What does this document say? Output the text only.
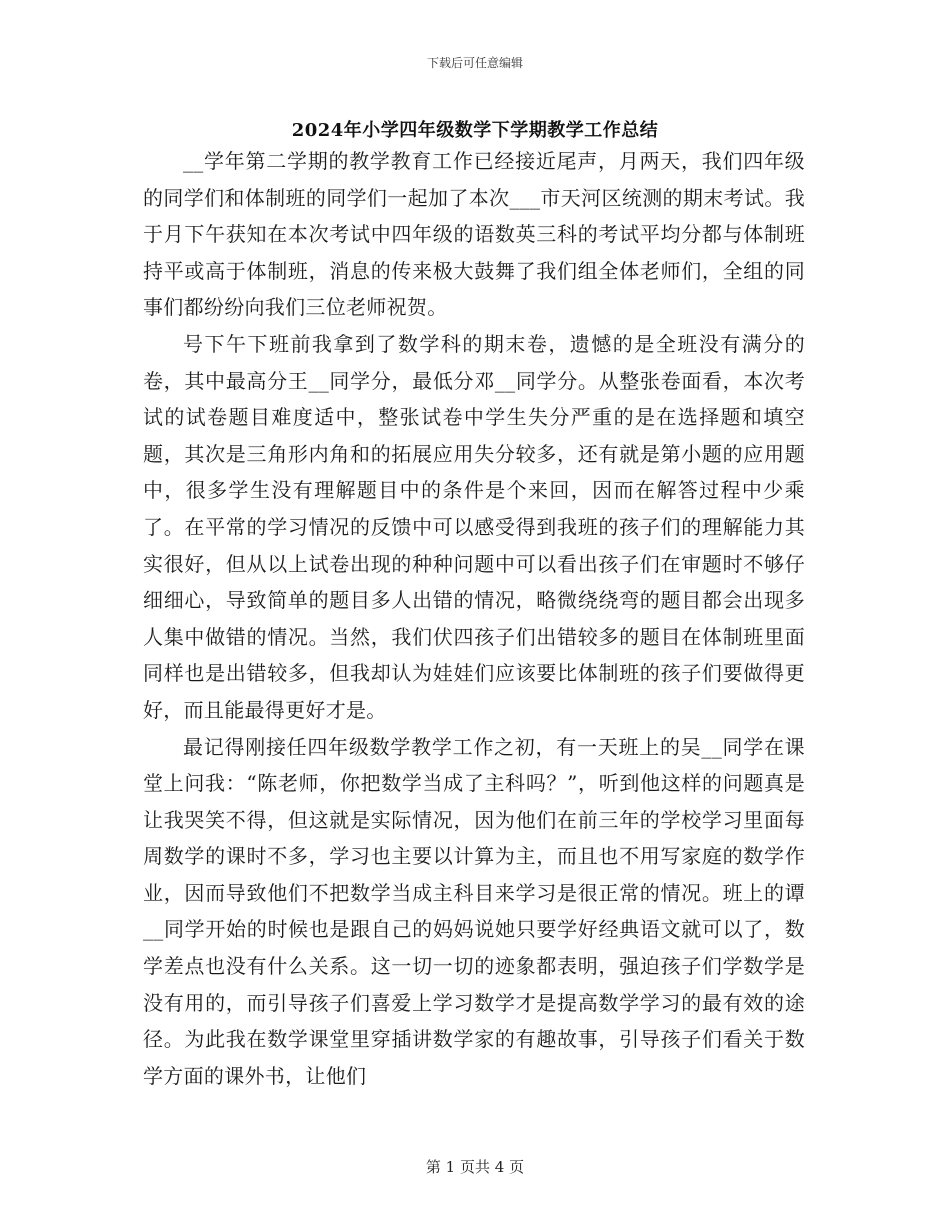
下载后可任意编辑
2024年小学四年级数学下学期教学工作总结

__学年第二学期的教学教育工作已经接近尾声，月两天，我们四年级的同学们和体制班的同学们一起加了本次___市天河区统测的期末考试。我于月下午获知在本次考试中四年级的语数英三科的考试平均分都与体制班持平或高于体制班，消息的传来极大鼓舞了我们组全体老师们，全组的同事们都纷纷向我们三位老师祝贺。

号下午下班前我拿到了数学科的期末卷，遗憾的是全班没有满分的卷，其中最高分王__同学分，最低分邓__同学分。从整张卷面看，本次考试的试卷题目难度适中，整张试卷中学生失分严重的是在选择题和填空题，其次是三角形内角和的拓展应用失分较多，还有就是第小题的应用题中，很多学生没有理解题目中的条件是个来回，因而在解答过程中少乘了。在平常的学习情况的反馈中可以感受得到我班的孩子们的理解能力其实很好，但从以上试卷出现的种种问题中可以看出孩子们在审题时不够仔细细心，导致简单的题目多人出错的情况，略微绕绕弯的题目都会出现多人集中做错的情况。当然，我们伏四孩子们出错较多的题目在体制班里面同样也是出错较多，但我却认为娃娃们应该要比体制班的孩子们要做得更好，而且能最得更好才是。

最记得刚接任四年级数学教学工作之初，有一天班上的吴__同学在课堂上问我：“陈老师，你把数学当成了主科吗？”，听到他这样的问题真是让我哭笑不得，但这就是实际情况，因为他们在前三年的学校学习里面每周数学的课时不多，学习也主要以计算为主，而且也不用写家庭的数学作业，因而导致他们不把数学当成主科目来学习是很正常的情况。班上的谭__同学开始的时候也是跟自己的妈妈说她只要学好经典语文就可以了，数学差点也没有什么关系。这一切一切的迹象都表明，强迫孩子们学数学是没有用的，而引导孩子们喜爱上学习数学才是提高数学学习的最有效的途径。为此我在数学课堂里穿插讲数学家的有趣故事，引导孩子们看关于数学方面的课外书，让他们

第 1 页共 4 页
